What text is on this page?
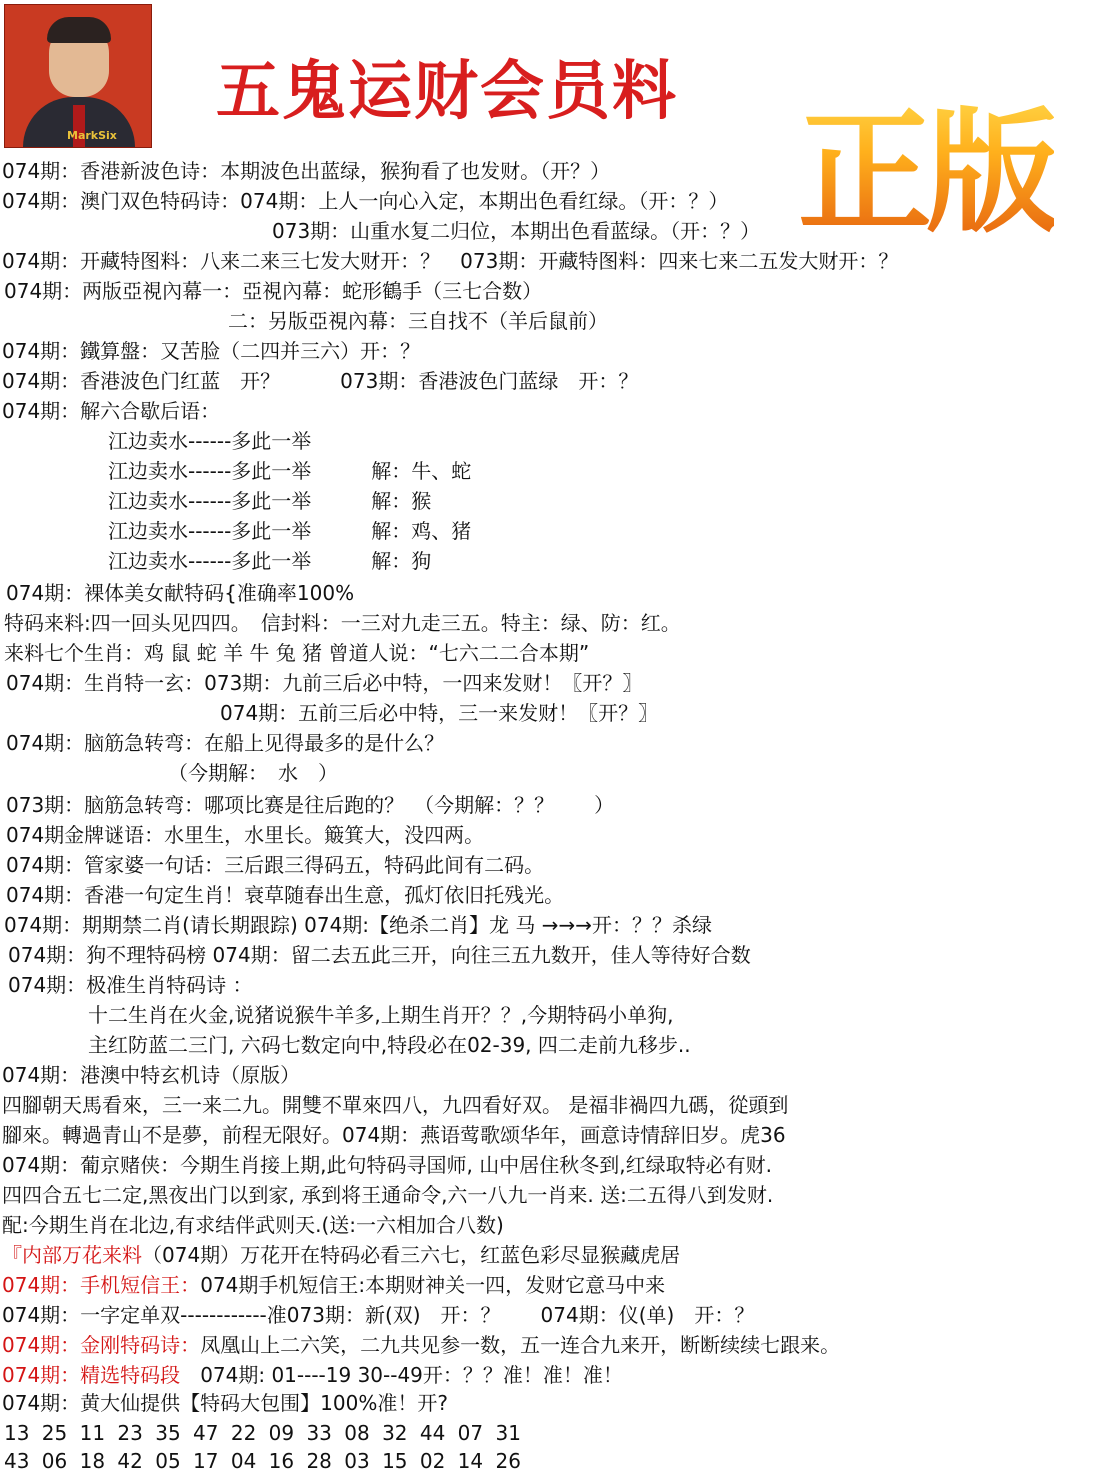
MarkSix
五鬼运财会员料
正版
074期：香港新波色诗：本期波色出蓝绿，猴狗看了也发财。（开？）
074期：澳门双色特码诗：074期：上人一向心入定，本期出色看红绿。（开：？）
073期：山重水复二归位，本期出色看蓝绿。（开：？）
074期：开藏特图料：八来二来三七发大财开：？　073期：开藏特图料：四来七来二五发大财开：？
074期：两版亞視內幕一：亞視內幕：蛇形鶴手（三七合数）
二：另版亞視內幕：三自找不（羊后鼠前）
074期：鐵算盤：又苦脸（二四并三六）开：？
074期：香港波色门红蓝　开？　　　073期：香港波色门蓝绿　开：？
074期：解六合歇后语：
江边卖水------多此一举
江边卖水------多此一举　　　解：牛、蛇
江边卖水------多此一举　　　解：猴
江边卖水------多此一举　　　解：鸡、猪
江边卖水------多此一举　　　解：狗
074期：裸体美女献特码{准确率100%
特码来料:四一回头见四四。　信封料：一三对九走三五。特主：绿、防：红。
来料七个生肖：鸡 鼠 蛇 羊 牛 兔 猪 曾道人说：“七六二二合本期”
074期：生肖特一玄：073期：九前三后必中特，一四来发财！〖开？〗
074期：五前三后必中特，三一来发财！〖开？〗
074期：脑筋急转弯：在船上见得最多的是什么？
（今期解：　水　）
073期：脑筋急转弯：哪项比赛是往后跑的？　（今期解：？？　　）
074期金牌谜语：水里生，水里长。簸箕大，没四两。
074期：管家婆一句话：三后跟三得码五，特码此间有二码。
074期：香港一句定生肖！衰草随春出生意，孤灯依旧托残光。
074期：期期禁二肖(请长期跟踪) 074期:【绝杀二肖】龙 马 →→→开：？？杀绿
074期：狗不理特码榜 074期：留二去五此三开，向往三五九数开，佳人等待好合数
074期：极准生肖特码诗 ：
十二生肖在火金,说猪说猴牛羊多,上期生肖开？？,今期特码小单狗,
主红防蓝二三门, 六码七数定向中,特段必在02-39, 四二走前九移步..
074期：港澳中特玄机诗（原版）
四腳朝天馬看來，三一来二九。開雙不單來四八，九四看好双。 是福非禍四九碼，從頭到
腳來。轉過青山不是夢，前程无限好。074期：燕语莺歌颂华年，画意诗情辞旧岁。虎36
074期：葡京赌侠：今期生肖接上期,此句特码寻国师, 山中居住秋冬到,红绿取特必有财.
四四合五七二定,黑夜出门以到家, 承到将王通命令,六一八九一肖来. 送:二五得八到发财.
配:今期生肖在北边,有求结伴武则天.(送:一六相加合八数)
『内部万花来料（074期）万花开在特码必看三六七，红蓝色彩尽显猴藏虎居
074期：手机短信王：074期手机短信王:本期财神关一四，发财它意马中来
074期：一字定单双------------准073期：新(双)　开：？　　074期：仪(单)　开：？
074期：金刚特码诗：凤凰山上二六笑，二九共见参一数，五一连合九来开，断断续续七跟来。
074期：精选特码段　 074期: 01----19 30--49开：？？准！准！准！
074期：黄大仙提供【特码大包围】100%准！开?
13 25 11 23 35 47 22 09 33 08 32 44 07 31
43 06 18 42 05 17 04 16 28 03 15 02 14 26
